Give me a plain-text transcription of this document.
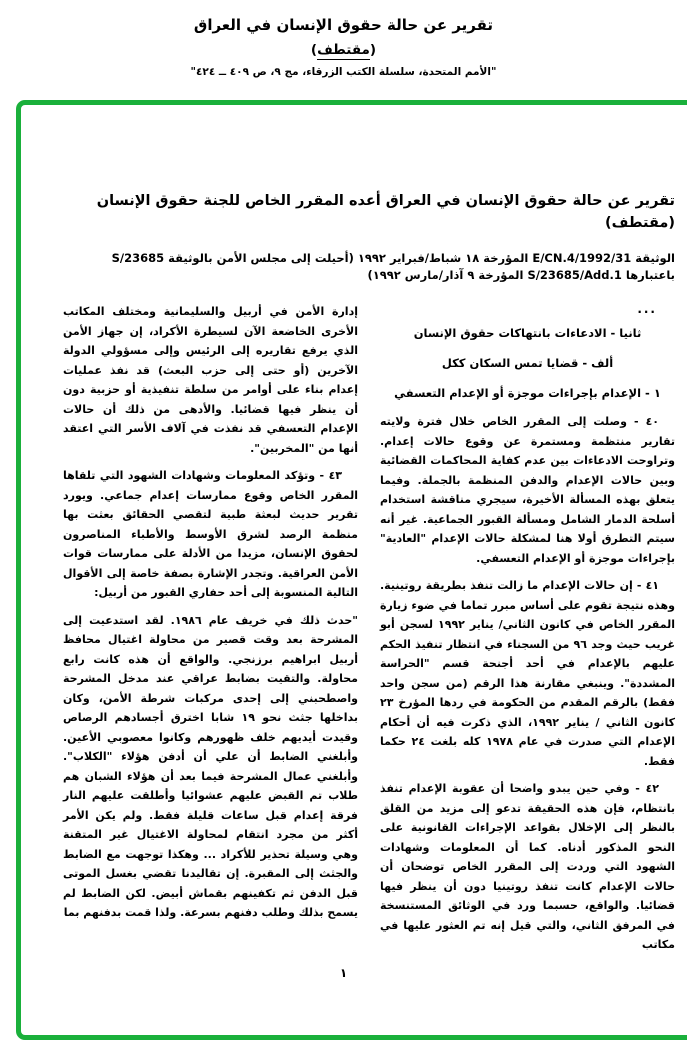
تقرير عن حالة حقوق الإنسان في العراق
(مقتطف)
"الأمم المتحدة، سلسلة الكتب الزرقاء، مج ٩، ص ٤٠٩ ــ ٤٢٤"
تقرير عن حالة حقوق الإنسان في العراق أعده المقرر الخاص للجنة حقوق الإنسان (مقتطف)
الوثيقة E/CN.4/1992/31 المؤرخة ١٨ شباط/فبراير ١٩٩٢ (أحيلت إلى مجلس الأمن بالوثيقة S/23685 باعتبارها S/23685/Add.1 المؤرخة ٩ آذار/مارس ١٩٩٢)

...

ثانيا - الادعاءات بانتهاكات حقوق الإنسان
ألف - قضايا تمس السكان ككل
١ - الإعدام بإجراءات موجزة أو الإعدام التعسفي

٤٠ - وصلت إلى المقرر الخاص خلال فترة ولايته تقارير منتظمة ومستمرة عن وقوع حالات إعدام. وتراوحت الادعاءات بين عدم كفاية المحاكمات القضائية وبين حالات الإعدام والدفن المنظمة بالجملة. وفيما يتعلق بهذه المسألة الأخيرة، سيجري مناقشة استخدام أسلحة الدمار الشامل ومسألة القبور الجماعية. غير أنه سيتم التطرق أولا هنا لمشكلة حالات الإعدام "العادية" بإجراءات موجزة أو الإعدام التعسفي.

٤١ - إن حالات الإعدام ما زالت تنفذ بطريقة روتينية. وهذه نتيجة تقوم على أساس مبرر تماما في ضوء زيارة المقرر الخاص في كانون الثاني/ يناير ١٩٩٢ لسجن أبو غريب حيث وجد ٩٦ من السجناء في انتظار تنفيذ الحكم عليهم بالإعدام في أحد أجنحة قسم "الحراسة المشددة". وينبغي مقارنة هذا الرقم (من سجن واحد فقط) بالرقم المقدم من الحكومة في ردها المؤرخ ٢٣ كانون الثاني / يناير ١٩٩٢، الذي ذكرت فيه أن أحكام الإعدام التي صدرت في عام ١٩٧٨ كله بلغت ٢٤ حكما فقط.

٤٢ - وفي حين يبدو واضحا أن عقوبة الإعدام تنفذ بانتظام، فإن هذه الحقيقة تدعو إلى مزيد من القلق بالنظر إلى الإخلال بقواعد الإجراءات القانونية على النحو المذكور أدناه. كما أن المعلومات وشهادات الشهود التي وردت إلى المقرر الخاص توضحان أن حالات الإعدام كانت تنفذ روتينيا دون أن ينظر فيها قضائيا. والواقع، حسبما ورد في الوثائق المستنسخة في المرفق الثاني، والتي قيل إنه تم العثور عليها في مكاتب

إدارة الأمن في أربيل والسليمانية ومختلف المكاتب الأخرى الخاضعة الآن لسيطرة الأكراد، إن جهاز الأمن الذي يرفع تقاريره إلى الرئيس وإلى مسؤولي الدولة الآخرين (أو حتى إلى حزب البعث) قد نفذ عمليات إعدام بناء على أوامر من سلطة تنفيذية أو حزبية دون أن ينظر فيها قضائيا. والأدهى من ذلك أن حالات الإعدام التعسفي قد نفذت في آلاف الأسر التي اعتقد أنها من "المخربين".

٤٣ - وتؤكد المعلومات وشهادات الشهود التي تلقاها المقرر الخاص وقوع ممارسات إعدام جماعي. ويورد تقرير حديث لبعثة طبية لتقصي الحقائق بعثت بها منظمة الرصد لشرق الأوسط والأطباء المناصرون لحقوق الإنسان، مزيدا من الأدلة على ممارسات قوات الأمن العراقية. وتجدر الإشارة بصفة خاصة إلى الأقوال التالية المنسوبة إلى أحد حفاري القبور من أربيل:

"حدث ذلك في خريف عام ١٩٨٦. لقد استدعيت إلى المشرحة بعد وقت قصير من محاولة اغتيال محافظ أربيل ابراهيم برزنجي. والواقع أن هذه كانت رابع محاولة. والتقيت بضابط عراقي عند مدخل المشرحة واصطحبني إلى إحدى مركبات شرطة الأمن، وكان بداخلها جثث نحو ١٩ شابا اخترق أجسادهم الرصاص وقيدت أيديهم خلف ظهورهم وكانوا معصوبي الأعين. وأبلغني الضابط أن علي أن أدفن هؤلاء "الكلاب". وأبلغني عمال المشرحة فيما بعد أن هؤلاء الشبان هم طلاب تم القبض عليهم عشوائيا وأطلقت عليهم النار فرقة إعدام قبل ساعات قليلة فقط. ولم يكن الأمر أكثر من مجرد انتقام لمحاولة الاغتيال غير المتقنة وهي وسيلة تحذير للأكراد ... وهكذا توجهت مع الضابط والجثث إلى المقبرة. إن تقاليدنا تقضي بغسل الموتى قبل الدفن ثم تكفينهم بقماش أبيض. لكن الضابط لم يسمح بذلك وطلب دفنهم بسرعة. ولذا قمت بدفنهم بما

١
